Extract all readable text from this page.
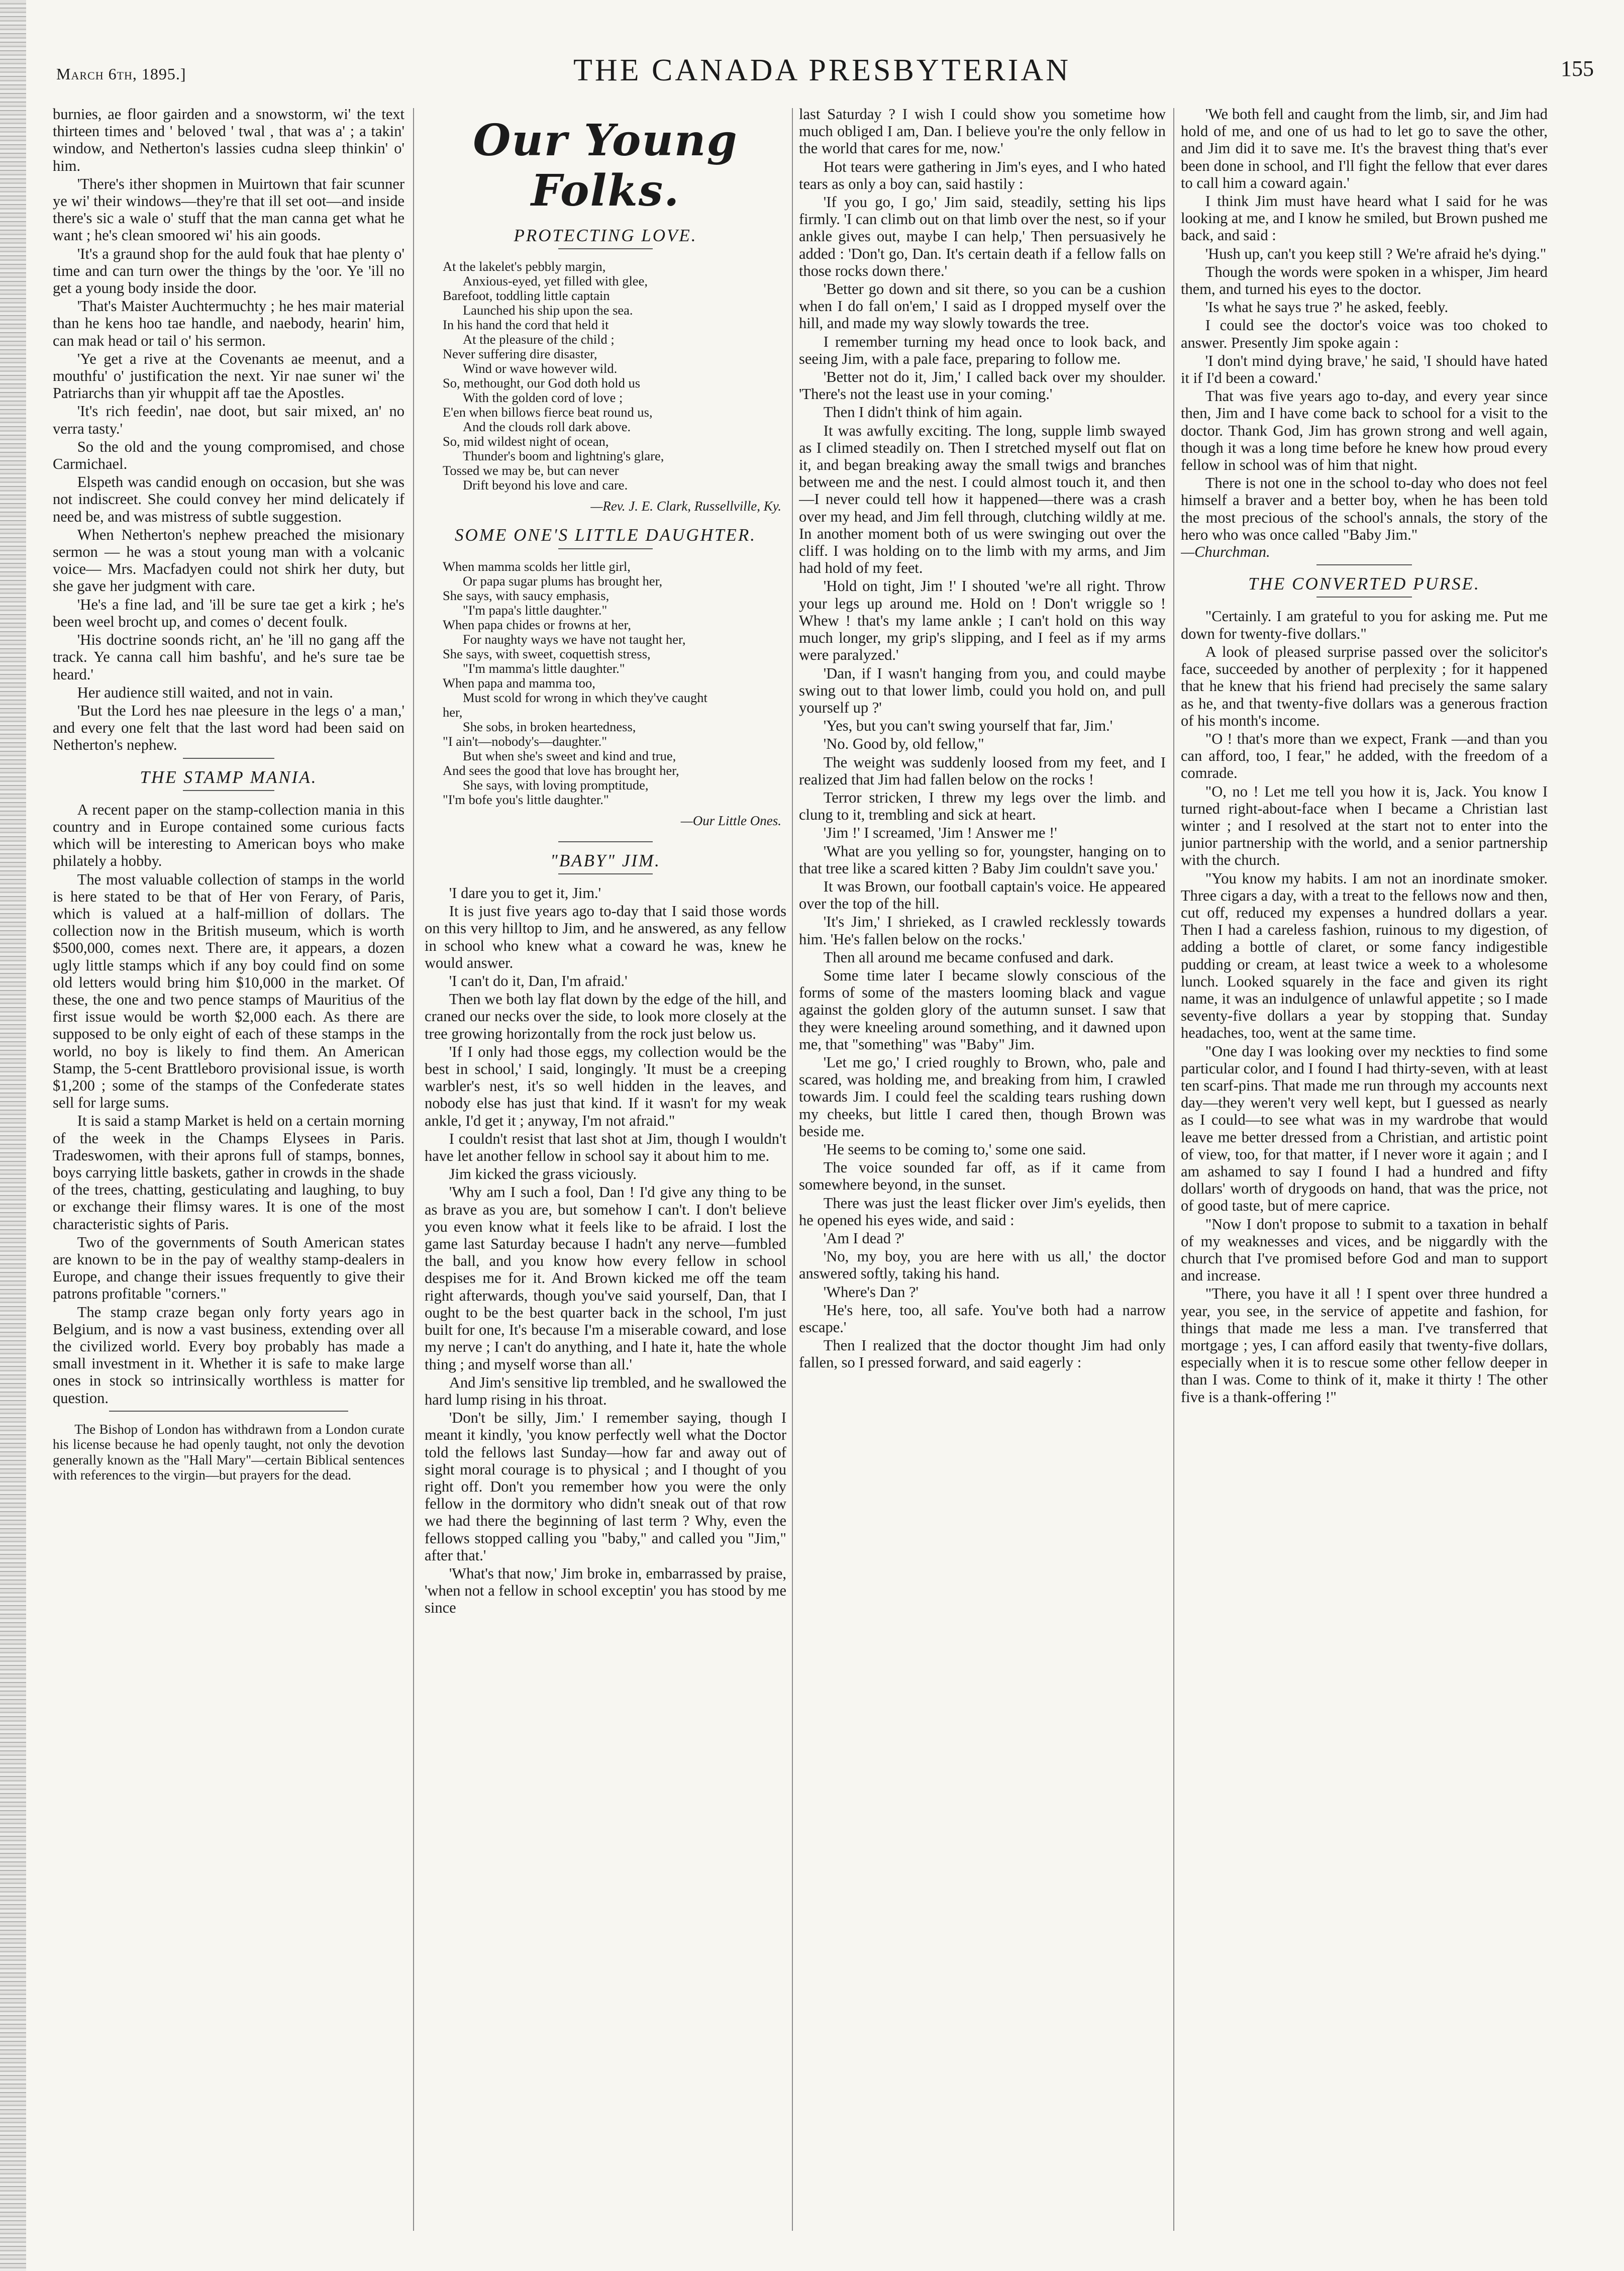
March 6th, 1895.]	THE CANADA PRESBYTERIAN	155

burnies, ae floor gairden and a snowstorm, wi' the text thirteen times and ' beloved ' twal , that was a' ; a takin' window, and Netherton's lassies cudna sleep thinkin' o' him.

'There's ither shopmen in Muirtown that fair scunner ye wi' their windows—they're that ill set oot—and inside there's sic a wale o' stuff that the man canna get what he want ; he's clean smoored wi' his ain goods.

'It's a graund shop for the auld fouk that hae plenty o' time and can turn ower the things by the 'oor. Ye 'ill no get a young body inside the door.

'That's Maister Auchtermuchty ; he hes mair material than he kens hoo tae handle, and naebody, hearin' him, can mak head or tail o' his sermon.

'Ye get a rive at the Covenants ae meenut, and a mouthfu' o' justification the next. Yir nae suner wi' the Patriarchs than yir whuppit aff tae the Apostles.

'It's rich feedin', nae doot, but sair mixed, an' no verra tasty.'

So the old and the young compromised, and chose Carmichael.

Elspeth was candid enough on occasion, but she was not indiscreet. She could convey her mind delicately if need be, and was mistress of subtle suggestion.

When Netherton's nephew preached the misionary sermon — he was a stout young man with a volcanic voice— Mrs. Macfadyen could not shirk her duty, but she gave her judgment with care.

'He's a fine lad, and 'ill be sure tae get a kirk ; he's been weel brocht up, and comes o' decent foulk.

'His doctrine soonds richt, an' he 'ill no gang aff the track. Ye canna call him bashfu', and he's sure tae be heard.'

Her audience still waited, and not in vain.

'But the Lord hes nae pleesure in the legs o' a man,' and every one felt that the last word had been said on Netherton's nephew.

THE STAMP MANIA.

A recent paper on the stamp-collection mania in this country and in Europe contained some curious facts which will be interesting to American boys who make philately a hobby.

The most valuable collection of stamps in the world is here stated to be that of Her von Ferary, of Paris, which is valued at a half-million of dollars. The collection now in the British museum, which is worth $500,000, comes next. There are, it appears, a dozen ugly little stamps which if any boy could find on some old letters would bring him $10,000 in the market. Of these, the one and two pence stamps of Mauritius of the first issue would be worth $2,000 each. As there are supposed to be only eight of each of these stamps in the world, no boy is likely to find them. An American Stamp, the 5-cent Brattleboro provisional issue, is worth $1,200 ; some of the stamps of the Confederate states sell for large sums.

It is said a stamp Market is held on a certain morning of the week in the Champs Elysees in Paris. Tradeswomen, with their aprons full of stamps, bonnes, boys carrying little baskets, gather in crowds in the shade of the trees, chatting, gesticulating and laughing, to buy or exchange their flimsy wares. It is one of the most characteristic sights of Paris.

Two of the governments of South American states are known to be in the pay of wealthy stamp-dealers in Europe, and change their issues frequently to give their patrons profitable "corners."

The stamp craze began only forty years ago in Belgium, and is now a vast business, extending over all the civilized world. Every boy probably has made a small investment in it. Whether it is safe to make large ones in stock so intrinsically worthless is matter for question.

The Bishop of London has withdrawn from a London curate his license because he had openly taught, not only the devotion generally known as the "Hall Mary"—certain Biblical sentences with references to the virgin—but prayers for the dead.

Our Young Folks.
PROTECTING LOVE.
At the lakelet's pebbly margin,
Anxious-eyed, yet filled with glee,
Barefoot, toddling little captain
Launched his ship upon the sea.
In his hand the cord that held it
At the pleasure of the child ;
Never suffering dire disaster,
Wind or wave however wild.
So, methought, our God doth hold us
With the golden cord of love ;
E'en when billows fierce beat round us,
And the clouds roll dark above.
So, mid wildest night of ocean,
Thunder's boom and lightning's glare,
Tossed we may be, but can never
Drift beyond his love and care.
—Rev. J. E. Clark, Russellville, Ky.
SOME ONE'S LITTLE DAUGHTER.
When mamma scolds her little girl,
Or papa sugar plums has brought her,
She says, with saucy emphasis,
"I'm papa's little daughter."
When papa chides or frowns at her,
For naughty ways we have not taught her,
She says, with sweet, coquettish stress,
"I'm mamma's little daughter."
When papa and mamma too,
Must scold for wrong in which they've caught
her,
She sobs, in broken heartedness,
"I ain't—nobody's—daughter."
But when she's sweet and kind and true,
And sees the good that love has brought her,
She says, with loving promptitude,
"I'm bofe you's little daughter."
—Our Little Ones.
"BABY" JIM.

'I dare you to get it, Jim.'

It is just five years ago to-day that I said those words on this very hilltop to Jim, and he answered, as any fellow in school who knew what a coward he was, knew he would answer.

'I can't do it, Dan, I'm afraid.'

Then we both lay flat down by the edge of the hill, and craned our necks over the side, to look more closely at the tree growing horizontally from the rock just below us.

'If I only had those eggs, my collection would be the best in school,' I said, longingly. 'It must be a creeping warbler's nest, it's so well hidden in the leaves, and nobody else has just that kind. If it wasn't for my weak ankle, I'd get it ; anyway, I'm not afraid."

I couldn't resist that last shot at Jim, though I wouldn't have let another fellow in school say it about him to me.

Jim kicked the grass viciously.

'Why am I such a fool, Dan ! I'd give any thing to be as brave as you are, but somehow I can't. I don't believe you even know what it feels like to be afraid. I lost the game last Saturday because I hadn't any nerve—fumbled the ball, and you know how every fellow in school despises me for it. And Brown kicked me off the team right afterwards, though you've said yourself, Dan, that I ought to be the best quarter back in the school, I'm just built for one, It's because I'm a miserable coward, and lose my nerve ; I can't do anything, and I hate it, hate the whole thing ; and myself worse than all.'

And Jim's sensitive lip trembled, and he swallowed the hard lump rising in his throat.

'Don't be silly, Jim.' I remember saying, though I meant it kindly, 'you know perfectly well what the Doctor told the fellows last Sunday—how far and away out of sight moral courage is to physical ; and I thought of you right off. Don't you remember how you were the only fellow in the dormitory who didn't sneak out of that row we had there the beginning of last term ? Why, even the fellows stopped calling you "baby," and called you "Jim," after that.'

'What's that now,' Jim broke in, embarrassed by praise, 'when not a fellow in school exceptin' you has stood by me since

last Saturday ? I wish I could show you sometime how much obliged I am, Dan. I believe you're the only fellow in the world that cares for me, now.'

Hot tears were gathering in Jim's eyes, and I who hated tears as only a boy can, said hastily :

'If you go, I go,' Jim said, steadily, setting his lips firmly. 'I can climb out on that limb over the nest, so if your ankle gives out, maybe I can help,' Then persuasively he added : 'Don't go, Dan. It's certain death if a fellow falls on those rocks down there.'

'Better go down and sit there, so you can be a cushion when I do fall on'em,' I said as I dropped myself over the hill, and made my way slowly towards the tree.

I remember turning my head once to look back, and seeing Jim, with a pale face, preparing to follow me.

'Better not do it, Jim,' I called back over my shoulder. 'There's not the least use in your coming.'

Then I didn't think of him again.

It was awfully exciting. The long, supple limb swayed as I climed steadily on. Then I stretched myself out flat on it, and began breaking away the small twigs and branches between me and the nest. I could almost touch it, and then—I never could tell how it happened—there was a crash over my head, and Jim fell through, clutching wildly at me. In another moment both of us were swinging out over the cliff. I was holding on to the limb with my arms, and Jim had hold of my feet.

'Hold on tight, Jim !' I shouted 'we're all right. Throw your legs up around me. Hold on ! Don't wriggle so ! Whew ! that's my lame ankle ; I can't hold on this way much longer, my grip's slipping, and I feel as if my arms were paralyzed.'

'Dan, if I wasn't hanging from you, and could maybe swing out to that lower limb, could you hold on, and pull yourself up ?'

'Yes, but you can't swing yourself that far, Jim.'

'No. Good by, old fellow,"

The weight was suddenly loosed from my feet, and I realized that Jim had fallen below on the rocks !

Terror stricken, I threw my legs over the limb. and clung to it, trembling and sick at heart.

'Jim !' I screamed, 'Jim ! Answer me !'

'What are you yelling so for, youngster, hanging on to that tree like a scared kitten ? Baby Jim couldn't save you.'

It was Brown, our football captain's voice. He appeared over the top of the hill.

'It's Jim,' I shrieked, as I crawled recklessly towards him. 'He's fallen below on the rocks.'

Then all around me became confused and dark.

Some time later I became slowly conscious of the forms of some of the masters looming black and vague against the golden glory of the autumn sunset. I saw that they were kneeling around something, and it dawned upon me, that "something" was "Baby" Jim.

'Let me go,' I cried roughly to Brown, who, pale and scared, was holding me, and breaking from him, I crawled towards Jim. I could feel the scalding tears rushing down my cheeks, but little I cared then, though Brown was beside me.

'He seems to be coming to,' some one said.

The voice sounded far off, as if it came from somewhere beyond, in the sunset.

There was just the least flicker over Jim's eyelids, then he opened his eyes wide, and said :

'Am I dead ?'

'No, my boy, you are here with us all,' the doctor answered softly, taking his hand.

'Where's Dan ?'

'He's here, too, all safe. You've both had a narrow escape.'

Then I realized that the doctor thought Jim had only fallen, so I pressed forward, and said eagerly :

'We both fell and caught from the limb, sir, and Jim had hold of me, and one of us had to let go to save the other, and Jim did it to save me. It's the bravest thing that's ever been done in school, and I'll fight the fellow that ever dares to call him a coward again.'

I think Jim must have heard what I said for he was looking at me, and I know he smiled, but Brown pushed me back, and said :

'Hush up, can't you keep still ? We're afraid he's dying."

Though the words were spoken in a whisper, Jim heard them, and turned his eyes to the doctor.

'Is what he says true ?' he asked, feebly.

I could see the doctor's voice was too choked to answer. Presently Jim spoke again :

'I don't mind dying brave,' he said, 'I should have hated it if I'd been a coward.'

That was five years ago to-day, and every year since then, Jim and I have come back to school for a visit to the doctor. Thank God, Jim has grown strong and well again, though it was a long time before he knew how proud every fellow in school was of him that night.

There is not one in the school to-day who does not feel himself a braver and a better boy, when he has been told the most precious of the school's annals, the story of the hero who was once called "Baby Jim."

—Churchman.

THE CONVERTED PURSE.

"Certainly. I am grateful to you for asking me. Put me down for twenty-five dollars."

A look of pleased surprise passed over the solicitor's face, succeeded by another of perplexity ; for it happened that he knew that his friend had precisely the same salary as he, and that twenty-five dollars was a generous fraction of his month's income.

"O ! that's more than we expect, Frank —and than you can afford, too, I fear," he added, with the freedom of a comrade.

"O, no ! Let me tell you how it is, Jack. You know I turned right-about-face when I became a Christian last winter ; and I resolved at the start not to enter into the junior partnership with the world, and a senior partnership with the church.

"You know my habits. I am not an inordinate smoker. Three cigars a day, with a treat to the fellows now and then, cut off, reduced my expenses a hundred dollars a year. Then I had a careless fashion, ruinous to my digestion, of adding a bottle of claret, or some fancy indigestible pudding or cream, at least twice a week to a wholesome lunch. Looked squarely in the face and given its right name, it was an indulgence of unlawful appetite ; so I made seventy-five dollars a year by stopping that. Sunday headaches, too, went at the same time.

"One day I was looking over my neckties to find some particular color, and I found I had thirty-seven, with at least ten scarf-pins. That made me run through my accounts next day—they weren't very well kept, but I guessed as nearly as I could—to see what was in my wardrobe that would leave me better dressed from a Christian, and artistic point of view, too, for that matter, if I never wore it again ; and I am ashamed to say I found I had a hundred and fifty dollars' worth of drygoods on hand, that was the price, not of good taste, but of mere caprice.

"Now I don't propose to submit to a taxation in behalf of my weaknesses and vices, and be niggardly with the church that I've promised before God and man to support and increase.

"There, you have it all ! I spent over three hundred a year, you see, in the service of appetite and fashion, for things that made me less a man. I've transferred that mortgage ; yes, I can afford easily that twenty-five dollars, especially when it is to rescue some other fellow deeper in than I was. Come to think of it, make it thirty ! The other five is a thank-offering !"
